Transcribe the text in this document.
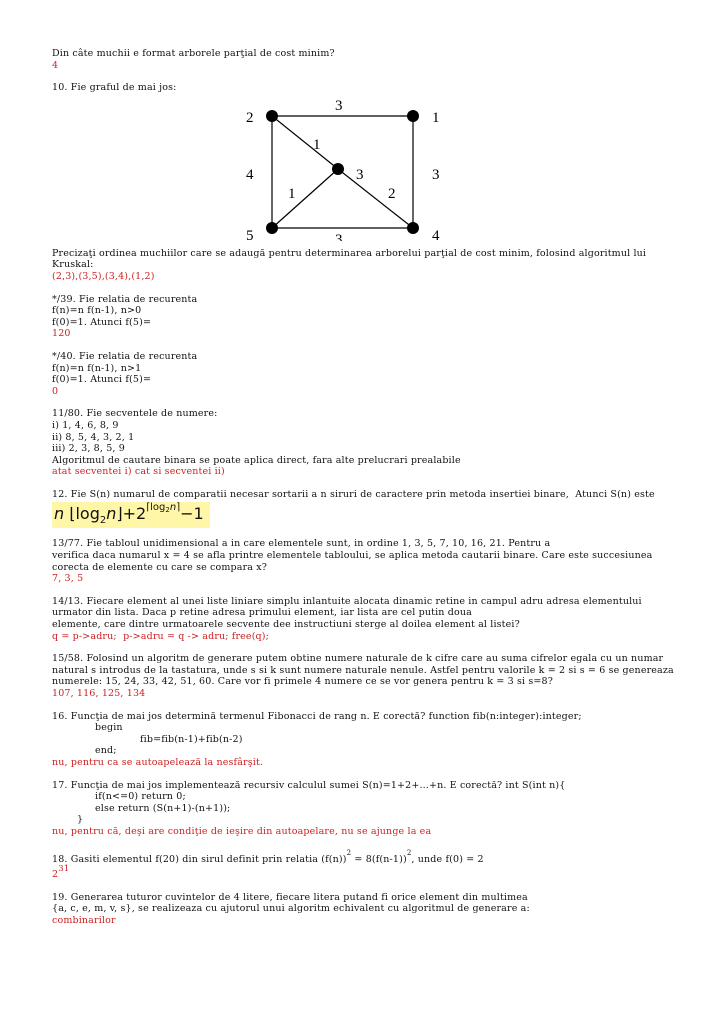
Din câte muchii e format arborele parţial de cost minim?
4
10. Fie graful de mai jos:
2	1
5	4
3
1
4	3
3
1	2
3
Precizaţi ordinea muchiilor care se adaugă pentru determinarea arborelui parţial de cost minim, folosind algoritmul lui
Kruskal:
(2,3),(3,5),(3,4),(1,2)
*/39. Fie relatia de recurenta
f(n)=n f(n-1), n>0
f(0)=1. Atunci f(5)=
120
*/40. Fie relatia de recurenta
f(n)=n f(n-1), n>1
f(0)=1. Atunci f(5)=
0
11/80. Fie secventele de numere:
i) 1, 4, 6, 8, 9
ii) 8, 5, 4, 3, 2, 1
iii) 2, 3, 8, 5, 9
Algoritmul de cautare binara se poate aplica direct, fara alte prelucrari prealabile
atat secventei i) cat si secventei ii)
12. Fie S(n) numarul de comparatii necesar sortarii a n siruri de caractere prin metoda insertiei binare,  Atunci S(n) este
n $⌊\log_2n⌋+2^{⌈log_2n⌉}-1$
13/77. Fie tabloul unidimensional a in care elementele sunt, in ordine 1, 3, 5, 7, 10, 16, 21. Pentru a
verifica daca numarul x = 4 se afla printre elementele tabloului, se aplica metoda cautarii binare. Care este succesiunea
corecta de elemente cu care se compara x?
7, 3, 5
14/13. Fiecare element al unei liste liniare simplu inlantuite alocata dinamic retine in campul adru adresa elementului
urmator din lista. Daca p retine adresa primului element, iar lista are cel putin doua
elemente, care dintre urmatoarele secvente dee instructiuni sterge al doilea element al listei?
q = p->adru;  p->adru = q -> adru; free(q);
15/58. Folosind un algoritm de generare putem obtine numere naturale de k cifre care au suma cifrelor egala cu un numar
natural s introdus de la tastatura, unde s si k sunt numere naturale nenule. Astfel pentru valorile k = 2 si s = 6 se genereaza
numerele: 15, 24, 33, 42, 51, 60. Care vor fi primele 4 numere ce se vor genera pentru k = 3 si s=8?
107, 116, 125, 134
16. Funcţia de mai jos determină termenul Fibonacci de rang n. E corectă? function fib(n:integer):integer;
begin
fib=fib(n-1)+fib(n-2)
end;
nu, pentru ca se autoapelează la nesfârşit.
17. Funcţia de mai jos implementează recursiv calculul sumei S(n)=1+2+...+n. E corectă? int S(int n){
if(n<=0) return 0;
else return (S(n+1)-(n+1));
}
nu, pentru că, deşi are condiţie de ieşire din autoapelare, nu se ajunge la ea
18. Gasiti elementul f(20) din sirul definit prin relatia $(f(n))^2 = 8(f(n-1))^2$, unde f(0) = 2
231
19. Generarea tuturor cuvintelor de 4 litere, fiecare litera putand fi orice element din multimea
{a, c, e, m, v, s}, se realizeaza cu ajutorul unui algoritm echivalent cu algoritmul de generare a:
combinarilor
